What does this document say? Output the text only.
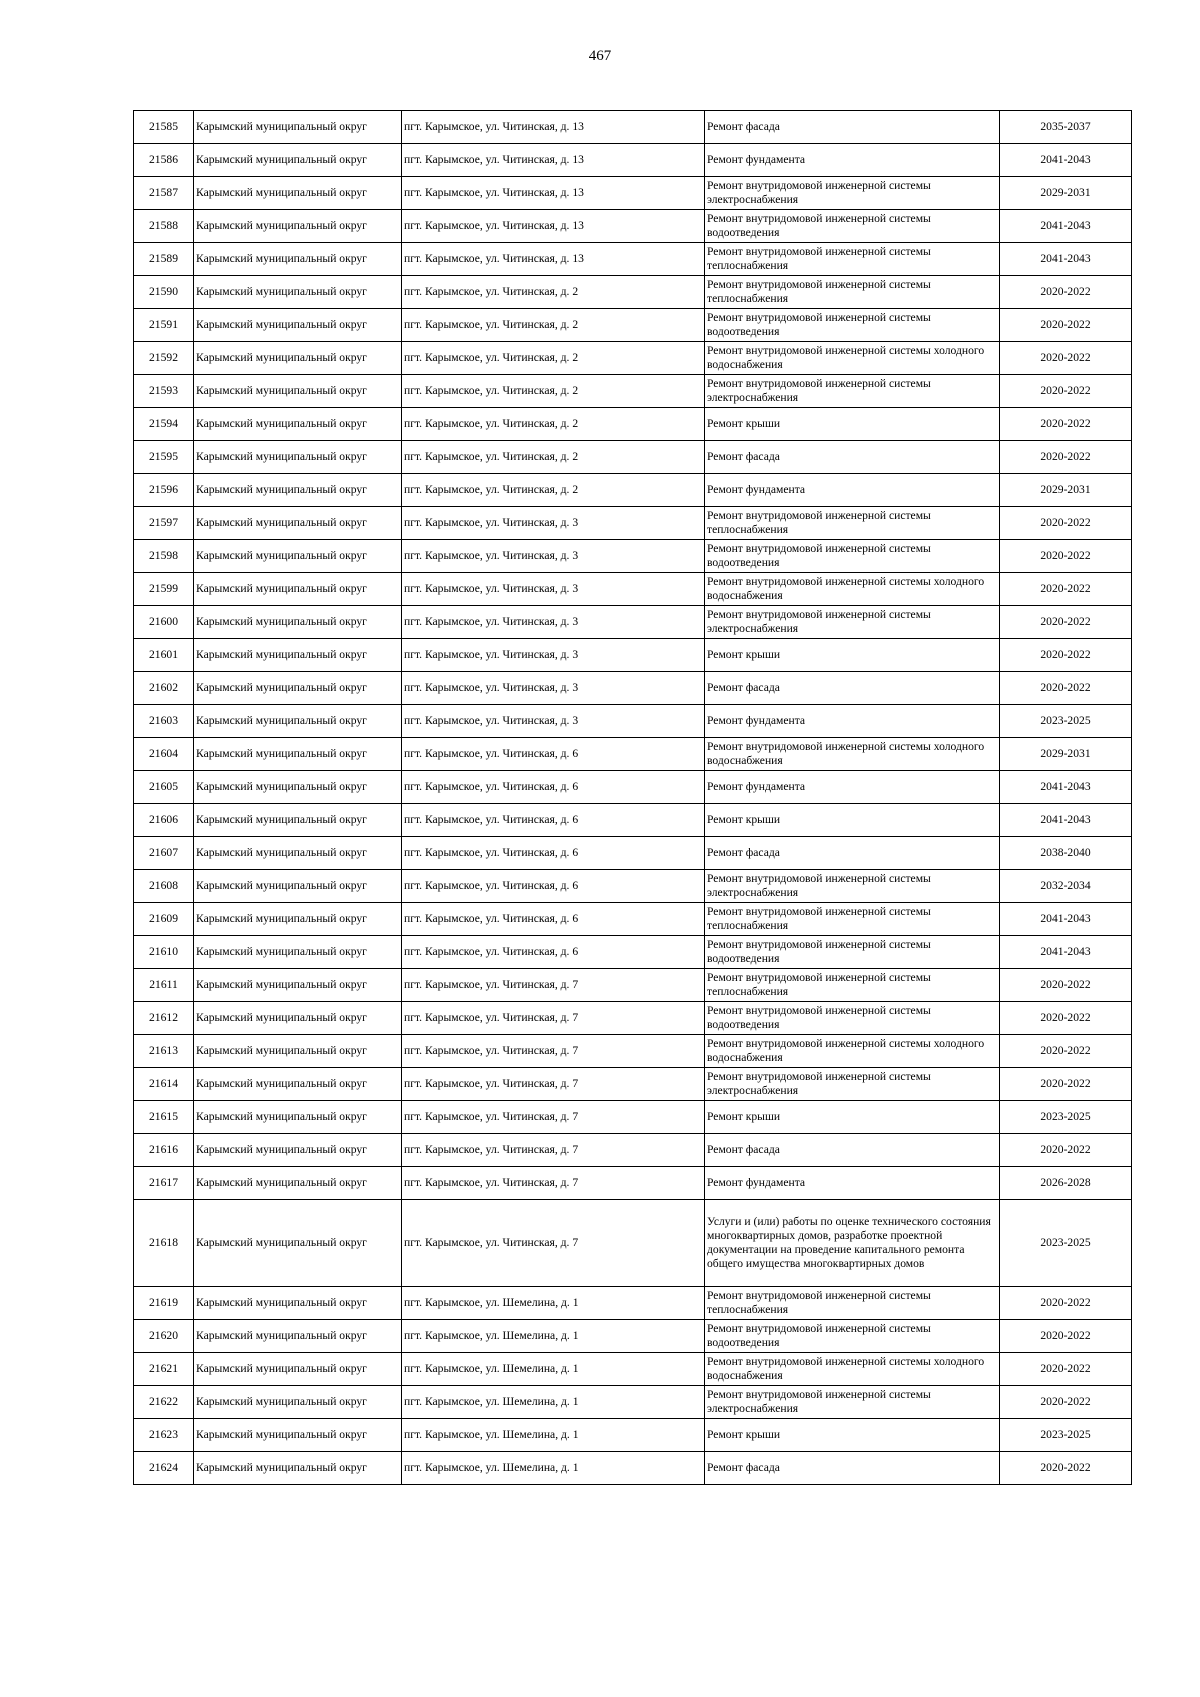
467
21585	Карымский муниципальный округ	пгт. Карымское, ул. Читинская, д. 13	Ремонт фасада	2035-2037
21586	Карымский муниципальный округ	пгт. Карымское, ул. Читинская, д. 13	Ремонт фундамента	2041-2043
21587	Карымский муниципальный округ	пгт. Карымское, ул. Читинская, д. 13	Ремонт внутридомовой инженерной системы электроснабжения	2029-2031
21588	Карымский муниципальный округ	пгт. Карымское, ул. Читинская, д. 13	Ремонт внутридомовой инженерной системы водоотведения	2041-2043
21589	Карымский муниципальный округ	пгт. Карымское, ул. Читинская, д. 13	Ремонт внутридомовой инженерной системы теплоснабжения	2041-2043
21590	Карымский муниципальный округ	пгт. Карымское, ул. Читинская, д. 2	Ремонт внутридомовой инженерной системы теплоснабжения	2020-2022
21591	Карымский муниципальный округ	пгт. Карымское, ул. Читинская, д. 2	Ремонт внутридомовой инженерной системы водоотведения	2020-2022
21592	Карымский муниципальный округ	пгт. Карымское, ул. Читинская, д. 2	Ремонт внутридомовой инженерной системы холодного водоснабжения	2020-2022
21593	Карымский муниципальный округ	пгт. Карымское, ул. Читинская, д. 2	Ремонт внутридомовой инженерной системы электроснабжения	2020-2022
21594	Карымский муниципальный округ	пгт. Карымское, ул. Читинская, д. 2	Ремонт крыши	2020-2022
21595	Карымский муниципальный округ	пгт. Карымское, ул. Читинская, д. 2	Ремонт фасада	2020-2022
21596	Карымский муниципальный округ	пгт. Карымское, ул. Читинская, д. 2	Ремонт фундамента	2029-2031
21597	Карымский муниципальный округ	пгт. Карымское, ул. Читинская, д. 3	Ремонт внутридомовой инженерной системы теплоснабжения	2020-2022
21598	Карымский муниципальный округ	пгт. Карымское, ул. Читинская, д. 3	Ремонт внутридомовой инженерной системы водоотведения	2020-2022
21599	Карымский муниципальный округ	пгт. Карымское, ул. Читинская, д. 3	Ремонт внутридомовой инженерной системы холодного водоснабжения	2020-2022
21600	Карымский муниципальный округ	пгт. Карымское, ул. Читинская, д. 3	Ремонт внутридомовой инженерной системы электроснабжения	2020-2022
21601	Карымский муниципальный округ	пгт. Карымское, ул. Читинская, д. 3	Ремонт крыши	2020-2022
21602	Карымский муниципальный округ	пгт. Карымское, ул. Читинская, д. 3	Ремонт фасада	2020-2022
21603	Карымский муниципальный округ	пгт. Карымское, ул. Читинская, д. 3	Ремонт фундамента	2023-2025
21604	Карымский муниципальный округ	пгт. Карымское, ул. Читинская, д. 6	Ремонт внутридомовой инженерной системы холодного водоснабжения	2029-2031
21605	Карымский муниципальный округ	пгт. Карымское, ул. Читинская, д. 6	Ремонт фундамента	2041-2043
21606	Карымский муниципальный округ	пгт. Карымское, ул. Читинская, д. 6	Ремонт крыши	2041-2043
21607	Карымский муниципальный округ	пгт. Карымское, ул. Читинская, д. 6	Ремонт фасада	2038-2040
21608	Карымский муниципальный округ	пгт. Карымское, ул. Читинская, д. 6	Ремонт внутридомовой инженерной системы электроснабжения	2032-2034
21609	Карымский муниципальный округ	пгт. Карымское, ул. Читинская, д. 6	Ремонт внутридомовой инженерной системы теплоснабжения	2041-2043
21610	Карымский муниципальный округ	пгт. Карымское, ул. Читинская, д. 6	Ремонт внутридомовой инженерной системы водоотведения	2041-2043
21611	Карымский муниципальный округ	пгт. Карымское, ул. Читинская, д. 7	Ремонт внутридомовой инженерной системы теплоснабжения	2020-2022
21612	Карымский муниципальный округ	пгт. Карымское, ул. Читинская, д. 7	Ремонт внутридомовой инженерной системы водоотведения	2020-2022
21613	Карымский муниципальный округ	пгт. Карымское, ул. Читинская, д. 7	Ремонт внутридомовой инженерной системы холодного водоснабжения	2020-2022
21614	Карымский муниципальный округ	пгт. Карымское, ул. Читинская, д. 7	Ремонт внутридомовой инженерной системы электроснабжения	2020-2022
21615	Карымский муниципальный округ	пгт. Карымское, ул. Читинская, д. 7	Ремонт крыши	2023-2025
21616	Карымский муниципальный округ	пгт. Карымское, ул. Читинская, д. 7	Ремонт фасада	2020-2022
21617	Карымский муниципальный округ	пгт. Карымское, ул. Читинская, д. 7	Ремонт фундамента	2026-2028
21618	Карымский муниципальный округ	пгт. Карымское, ул. Читинская, д. 7	Услуги и (или) работы по оценке технического состояния многоквартирных домов, разработке проектной документации на проведение капитального ремонта общего имущества многоквартирных домов	2023-2025
21619	Карымский муниципальный округ	пгт. Карымское, ул. Шемелина, д. 1	Ремонт внутридомовой инженерной системы теплоснабжения	2020-2022
21620	Карымский муниципальный округ	пгт. Карымское, ул. Шемелина, д. 1	Ремонт внутридомовой инженерной системы водоотведения	2020-2022
21621	Карымский муниципальный округ	пгт. Карымское, ул. Шемелина, д. 1	Ремонт внутридомовой инженерной системы холодного водоснабжения	2020-2022
21622	Карымский муниципальный округ	пгт. Карымское, ул. Шемелина, д. 1	Ремонт внутридомовой инженерной системы электроснабжения	2020-2022
21623	Карымский муниципальный округ	пгт. Карымское, ул. Шемелина, д. 1	Ремонт крыши	2023-2025
21624	Карымский муниципальный округ	пгт. Карымское, ул. Шемелина, д. 1	Ремонт фасада	2020-2022
